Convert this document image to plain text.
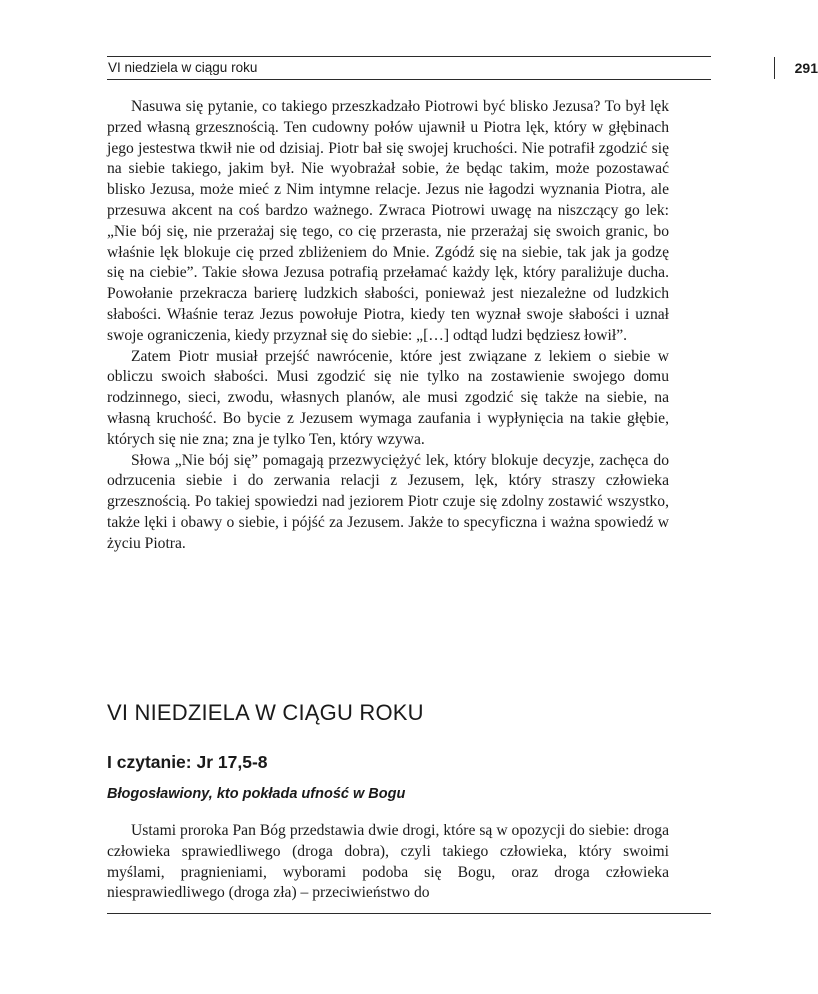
VI niedziela w ciągu roku	291

Nasuwa się pytanie, co takiego przeszkadzało Piotrowi być blisko Jezusa? To był lęk przed własną grzesznością. Ten cudowny połów ujawnił u Piotra lęk, który w głębinach jego jestestwa tkwił nie od dzisiaj. Piotr bał się swojej kruchości. Nie potrafił zgodzić się na siebie takiego, jakim był. Nie wyobrażał sobie, że będąc takim, może pozostawać blisko Jezusa, może mieć z Nim intymne relacje. Jezus nie łagodzi wyznania Piotra, ale przesuwa akcent na coś bardzo ważnego. Zwraca Piotrowi uwagę na niszczący go lek: „Nie bój się, nie przerażaj się tego, co cię przerasta, nie przerażaj się swoich granic, bo właśnie lęk blokuje cię przed zbliżeniem do Mnie. Zgódź się na siebie, tak jak ja godzę się na ciebie”. Takie słowa Jezusa potrafią przełamać każdy lęk, który paraliżuje ducha. Powołanie przekracza barierę ludzkich słabości, ponieważ jest niezależne od ludzkich słabości. Właśnie teraz Jezus powołuje Piotra, kiedy ten wyznał swoje słabości i uznał swoje ograniczenia, kiedy przyznał się do siebie: „[…] odtąd ludzi będziesz łowił”.

Zatem Piotr musiał przejść nawrócenie, które jest związane z lekiem o siebie w obliczu swoich słabości. Musi zgodzić się nie tylko na zostawienie swojego domu rodzinnego, sieci, zwodu, własnych planów, ale musi zgodzić się także na siebie, na własną kruchość. Bo bycie z Jezusem wymaga zaufania i wypłynięcia na takie głębie, których się nie zna; zna je tylko Ten, który wzywa.

Słowa „Nie bój się” pomagają przezwyciężyć lek, który blokuje decyzje, zachęca do odrzucenia siebie i do zerwania relacji z Jezusem, lęk, który straszy człowieka grzesznością. Po takiej spowiedzi nad jeziorem Piotr czuje się zdolny zostawić wszystko, także lęki i obawy o siebie, i pójść za Jezusem. Jakże to specyficzna i ważna spowiedź w życiu Piotra.

VI NIEDZIELA W CIĄGU ROKU
I czytanie: Jr 17,5-8
Błogosławiony, kto pokłada ufność w Bogu

Ustami proroka Pan Bóg przedstawia dwie drogi, które są w opozycji do siebie: droga człowieka sprawiedliwego (droga dobra), czyli takiego człowieka, który swoimi myślami, pragnieniami, wyborami podoba się Bogu, oraz droga człowieka niesprawiedliwego (droga zła) – przeciwieństwo do
